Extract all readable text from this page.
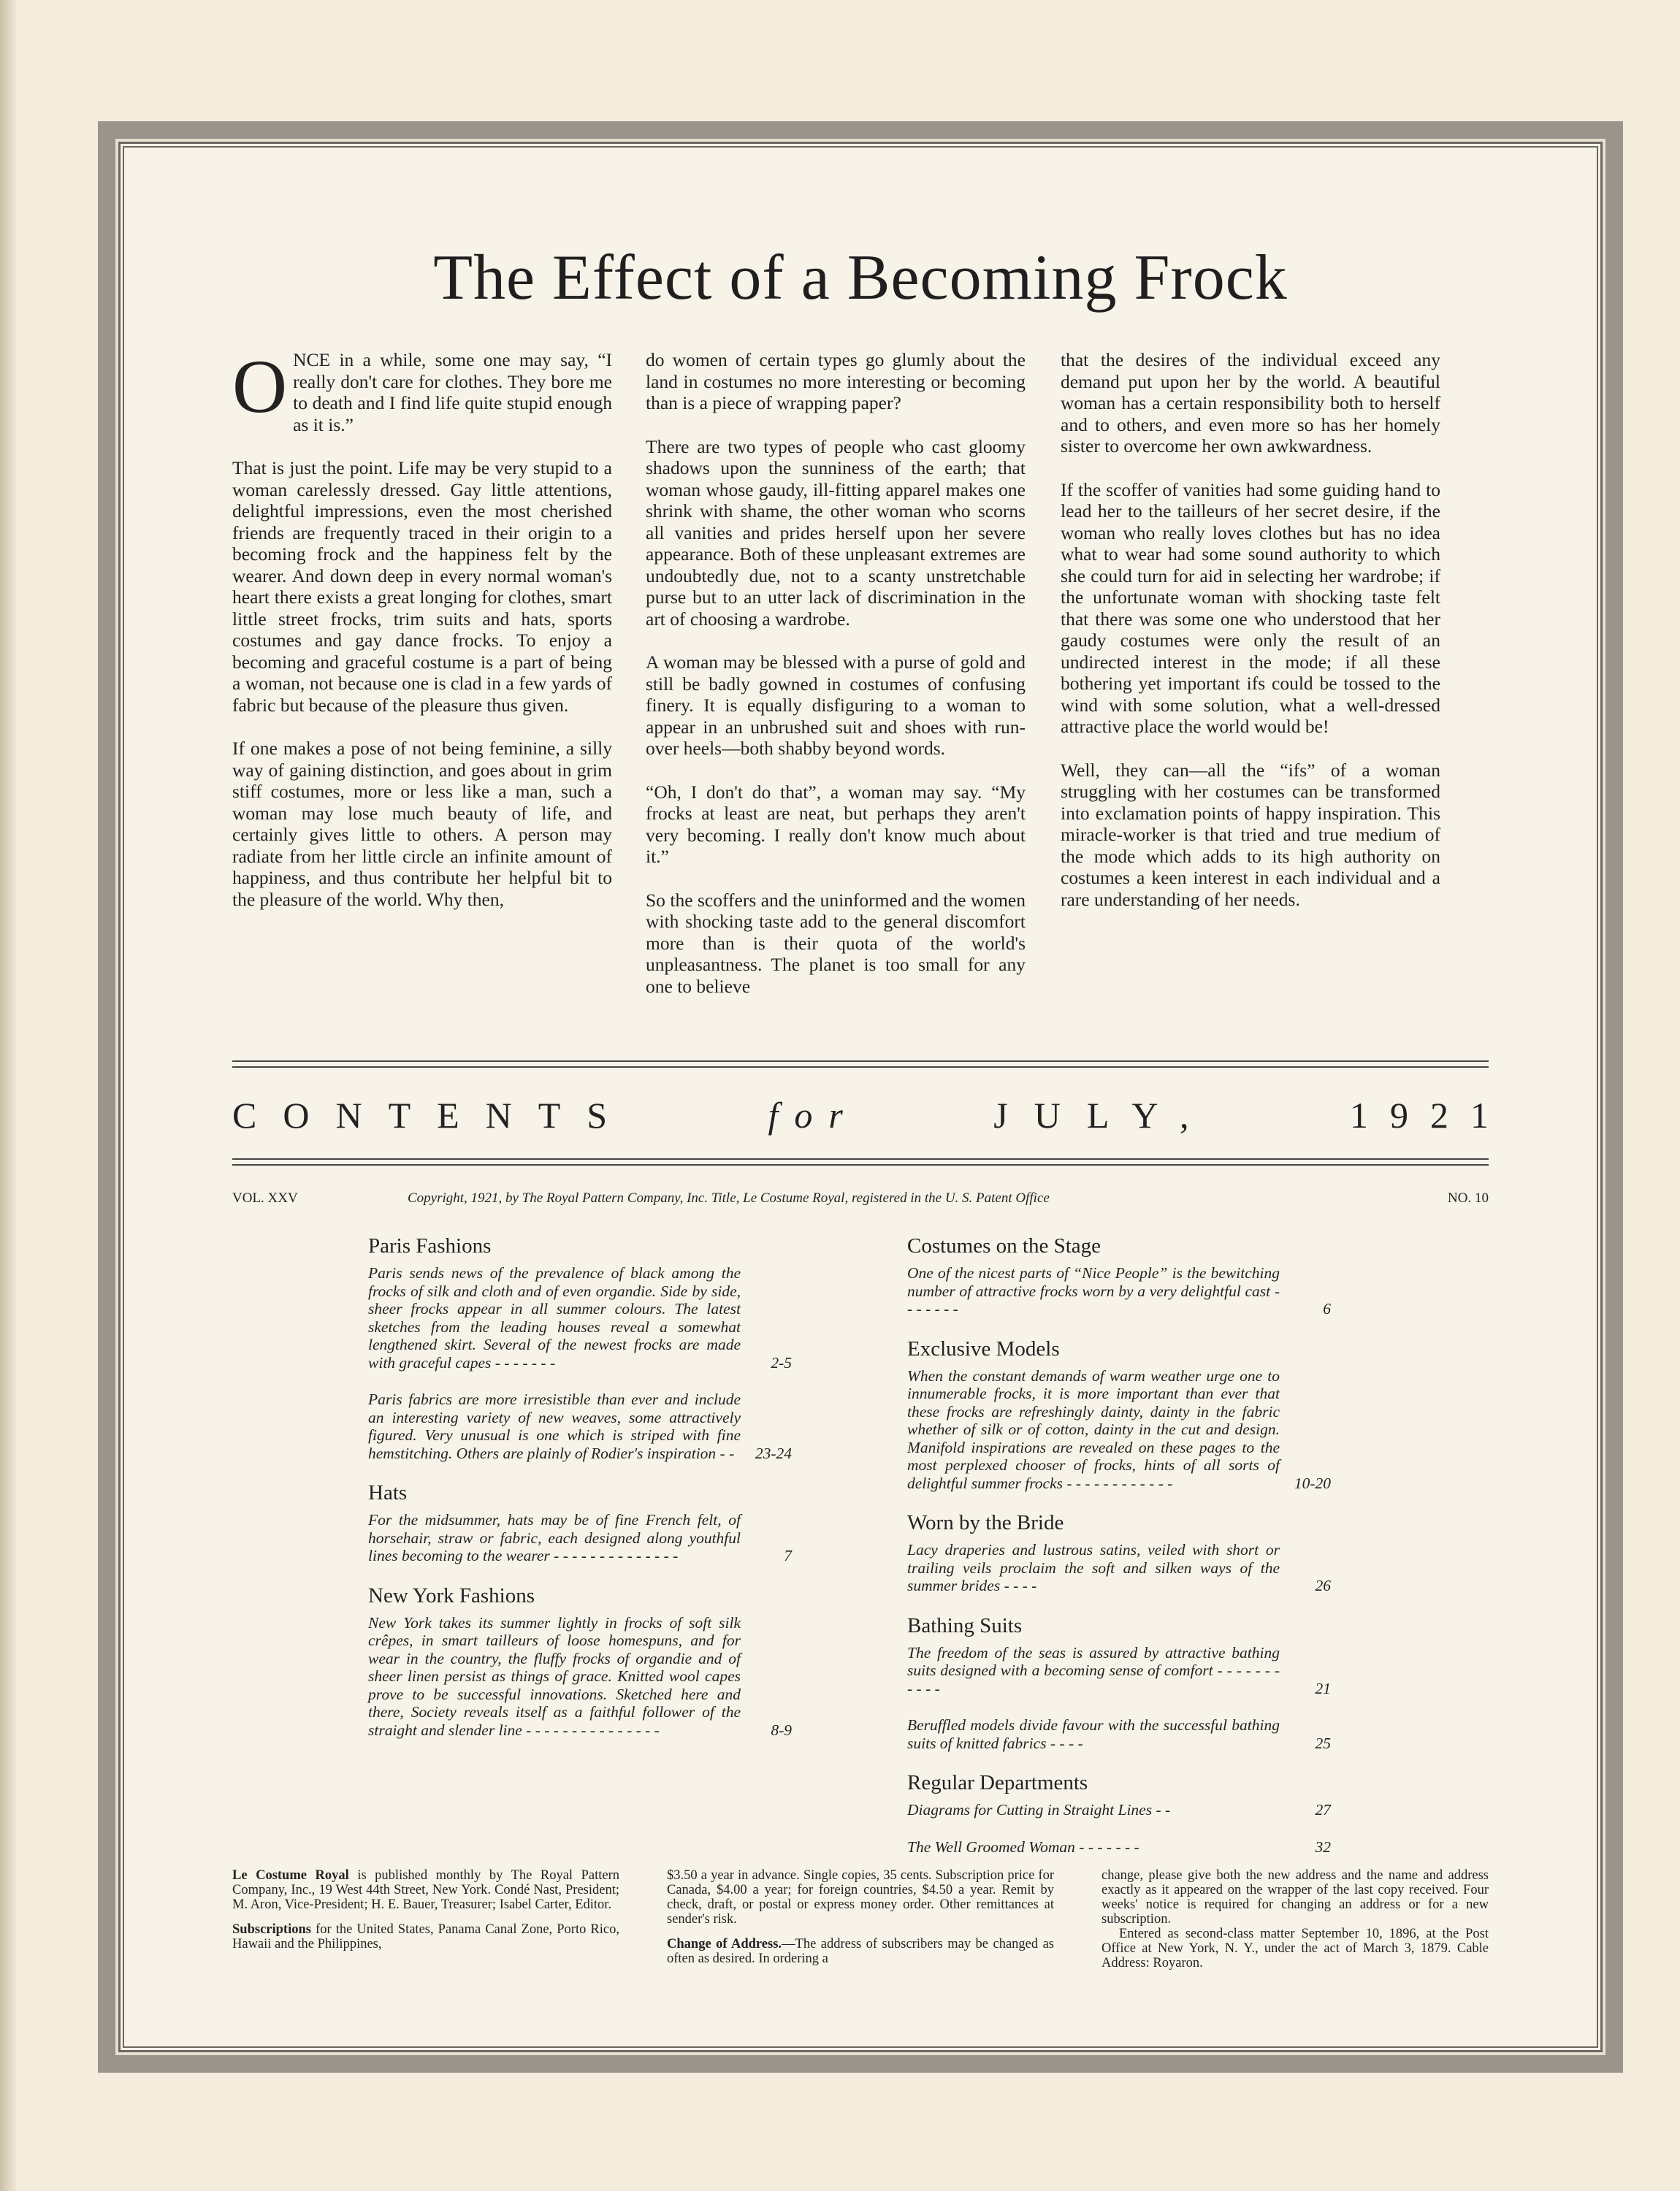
The Effect of a Becoming Frock

ONCE in a while, some one may say, “I really don't care for clothes. They bore me to death and I find life quite stupid enough as it is.”

That is just the point. Life may be very stupid to a woman carelessly dressed. Gay little attentions, delightful impressions, even the most cherished friends are frequently traced in their origin to a becoming frock and the happiness felt by the wearer. And down deep in every normal woman's heart there exists a great longing for clothes, smart little street frocks, trim suits and hats, sports costumes and gay dance frocks. To enjoy a becoming and graceful costume is a part of being a woman, not because one is clad in a few yards of fabric but because of the pleasure thus given.

If one makes a pose of not being feminine, a silly way of gaining distinction, and goes about in grim stiff costumes, more or less like a man, such a woman may lose much beauty of life, and certainly gives little to others. A person may radiate from her little circle an infinite amount of happiness, and thus contribute her helpful bit to the pleasure of the world. Why then,

do women of certain types go glumly about the land in costumes no more interesting or becoming than is a piece of wrapping paper?

There are two types of people who cast gloomy shadows upon the sunniness of the earth; that woman whose gaudy, ill-fitting apparel makes one shrink with shame, the other woman who scorns all vanities and prides herself upon her severe appearance. Both of these unpleasant extremes are undoubtedly due, not to a scanty unstretchable purse but to an utter lack of discrimination in the art of choosing a wardrobe.

A woman may be blessed with a purse of gold and still be badly gowned in costumes of confusing finery. It is equally disfiguring to a woman to appear in an unbrushed suit and shoes with run-over heels—both shabby beyond words.

“Oh, I don't do that”, a woman may say. “My frocks at least are neat, but perhaps they aren't very becoming. I really don't know much about it.”

So the scoffers and the uninformed and the women with shocking taste add to the general discomfort more than is their quota of the world's unpleasantness. The planet is too small for any one to believe

that the desires of the individual exceed any demand put upon her by the world. A beautiful woman has a certain responsibility both to herself and to others, and even more so has her homely sister to overcome her own awkwardness.

If the scoffer of vanities had some guiding hand to lead her to the tailleurs of her secret desire, if the woman who really loves clothes but has no idea what to wear had some sound authority to which she could turn for aid in selecting her wardrobe; if the unfortunate woman with shocking taste felt that there was some one who understood that her gaudy costumes were only the result of an undirected interest in the mode; if all these bothering yet important ifs could be tossed to the wind with some solution, what a well-dressed attractive place the world would be!

Well, they can—all the “ifs” of a woman struggling with her costumes can be transformed into exclamation points of happy inspiration. This miracle-worker is that tried and true medium of the mode which adds to its high authority on costumes a keen interest in each individual and a rare understanding of her needs.

CONTENTS	for	JULY,	1921
VOL. XXV	Copyright, 1921, by The Royal Pattern Company, Inc. Title, Le Costume Royal, registered in the U. S. Patent Office	NO. 10
Paris Fashions
Paris sends news of the prevalence of black among the frocks of silk and cloth and of even organdie. Side by side, sheer frocks appear in all summer colours. The latest sketches from the leading houses reveal a somewhat lengthened skirt. Several of the newest frocks are made with graceful capes - - - - - - -	2-5
Paris fabrics are more irresistible than ever and include an interesting variety of new weaves, some attractively figured. Very unusual is one which is striped with fine hemstitching. Others are plainly of Rodier's inspiration - - 23-24
Hats
For the midsummer, hats may be of fine French felt, of horsehair, straw or fabric, each designed along youthful lines becoming to the wearer - - - - - - - - - - - - - -	7
New York Fashions
New York takes its summer lightly in frocks of soft silk crêpes, in smart tailleurs of loose homespuns, and for wear in the country, the fluffy frocks of organdie and of sheer linen persist as things of grace. Knitted wool capes prove to be successful innovations. Sketched here and there, Society reveals itself as a faithful follower of the straight and slender line - - - - - - - - - - - - - - -	8-9
Costumes on the Stage
One of the nicest parts of “Nice People” is the bewitching number of attractive frocks worn by a very delightful cast - - - - - - -	6
Exclusive Models
When the constant demands of warm weather urge one to innumerable frocks, it is more important than ever that these frocks are refreshingly dainty, dainty in the fabric whether of silk or of cotton, dainty in the cut and design. Manifold inspirations are revealed on these pages to the most perplexed chooser of frocks, hints of all sorts of delightful summer frocks - - - - - - - - - - - -	10-20
Worn by the Bride
Lacy draperies and lustrous satins, veiled with short or trailing veils proclaim the soft and silken ways of the summer brides - - - -	26
Bathing Suits
The freedom of the seas is assured by attractive bathing suits designed with a becoming sense of comfort - - - - - - - - - - -	21
Beruffled models divide favour with the successful bathing suits of knitted fabrics - - - -	25
Regular Departments
Diagrams for Cutting in Straight Lines - -	27
The Well Groomed Woman - - - - - - -	32

Le Costume Royal is published monthly by The Royal Pattern Company, Inc., 19 West 44th Street, New York. Condé Nast, President; M. Aron, Vice-President; H. E. Bauer, Treasurer; Isabel Carter, Editor.

Subscriptions for the United States, Panama Canal Zone, Porto Rico, Hawaii and the Philippines,

$3.50 a year in advance. Single copies, 35 cents. Subscription price for Canada, $4.00 a year; for foreign countries, $4.50 a year. Remit by check, draft, or postal or express money order. Other remittances at sender's risk.

Change of Address.—The address of subscribers may be changed as often as desired. In ordering a

change, please give both the new address and the name and address exactly as it appeared on the wrapper of the last copy received. Four weeks' notice is required for changing an address or for a new subscription.

Entered as second-class matter September 10, 1896, at the Post Office at New York, N. Y., under the act of March 3, 1879. Cable Address: Royaron.
